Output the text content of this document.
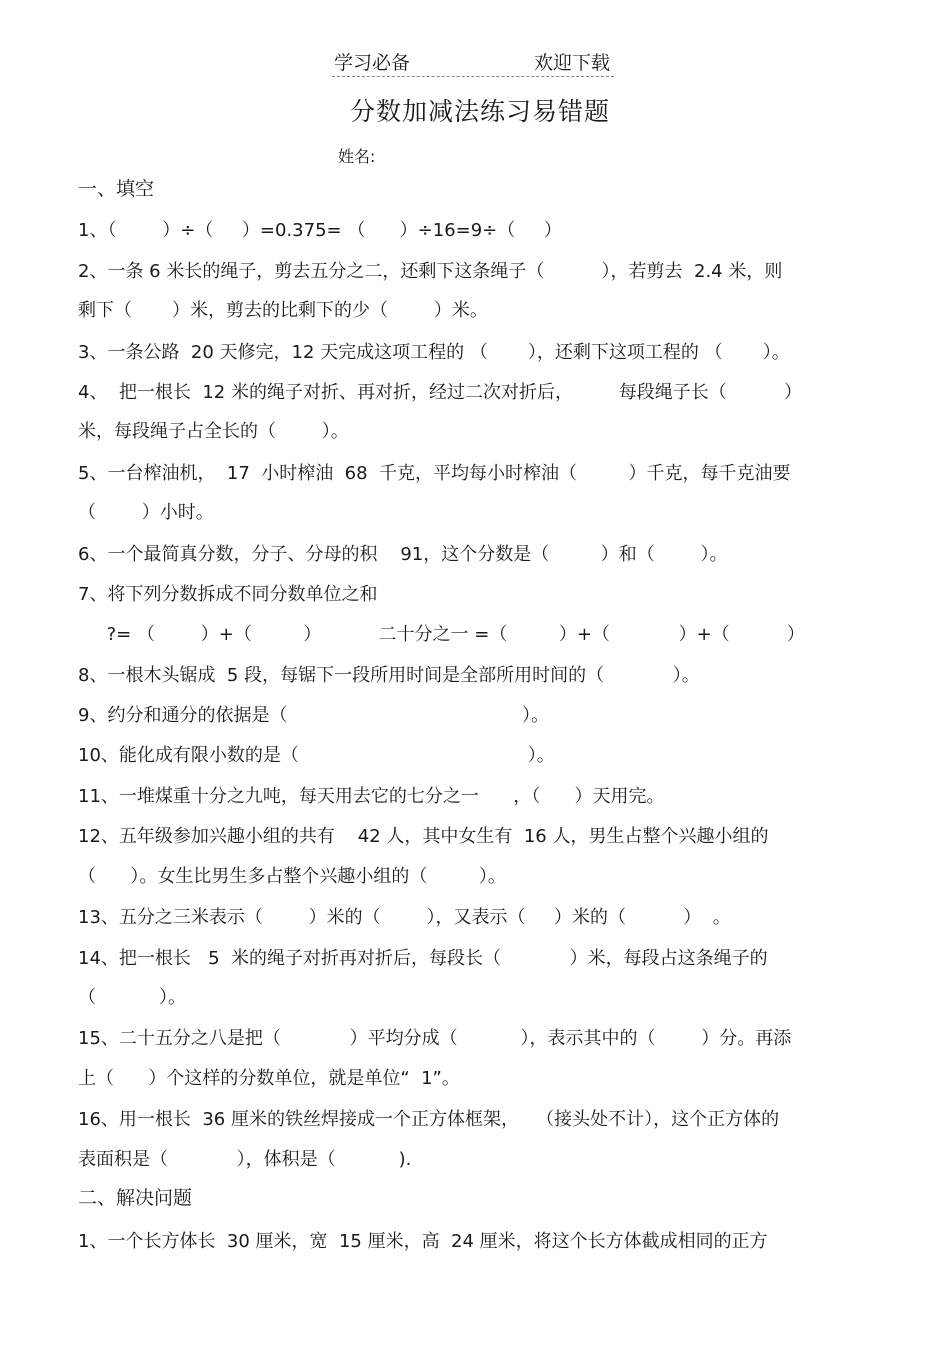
学习必备	欢迎下载
分数加减法练习易错题
姓名:
一、填空
1、（        ）÷（     ）=0.375= （      ）÷16=9÷（     ）
2、一条 6 米长的绳子，剪去五分之二，还剩下这条绳子（          ），若剪去  2.4 米，则
剩下（       ）米，剪去的比剩下的少（        ）米。
3、一条公路  20 天修完，12 天完成这项工程的 （       ），还剩下这项工程的 （       ）。
4、  把一根长  12 米的绳子对折、再对折，经过二次对折后，        每段绳子长（          ）
米，每段绳子占全长的（        ）。
5、一台榨油机，  17  小时榨油  68  千克，平均每小时榨油（         ）千克，每千克油要
（        ）小时。
6、一个最简真分数，分子、分母的积    91，这个分数是（         ）和（        ）。
7、将下列分数拆成不同分数单位之和
?= （        ）+（         ）          二十分之一 =（         ）+（            ）+（          ）
8、一根木头锯成  5 段，每锯下一段所用时间是全部所用时间的（            ）。
9、约分和通分的依据是（                                         ）。
10、能化成有限小数的是（                                        ）。
11、一堆煤重十分之九吨，每天用去它的七分之一      ，（      ）天用完。
12、五年级参加兴趣小组的共有    42 人，其中女生有  16 人，男生占整个兴趣小组的
（      ）。女生比男生多占整个兴趣小组的（         ）。
13、五分之三米表示（        ）米的（        ），又表示（     ）米的（          ）  。
14、把一根长   5  米的绳子对折再对折后，每段长（            ）米，每段占这条绳子的
（           ）。
15、二十五分之八是把（            ）平均分成（           ），表示其中的（        ）分。再添
上（      ）个这样的分数单位，就是单位“  1”。
16、用一根长  36 厘米的铁丝焊接成一个正方体框架，   （接头处不计），这个正方体的
表面积是（            ），体积是（           ).
二、解决问题
1、一个长方体长  30 厘米，宽  15 厘米，高  24 厘米，将这个长方体截成相同的正方
